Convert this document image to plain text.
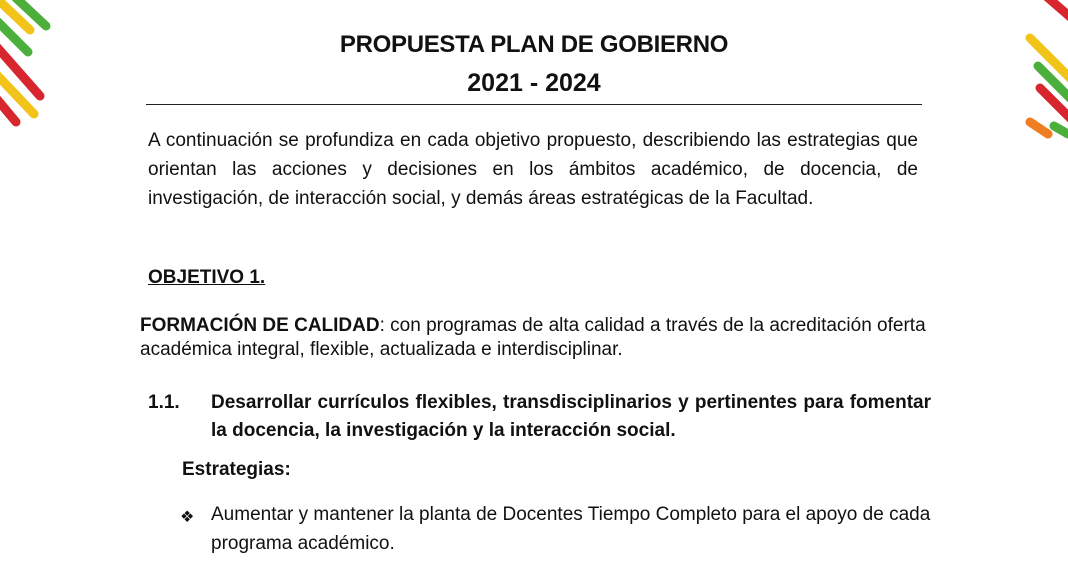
PROPUESTA PLAN DE GOBIERNO
2021 - 2024

A continuación se profundiza en cada objetivo propuesto, describiendo las estrategias que orientan las acciones y decisiones en los ámbitos académico, de docencia, de investigación, de interacción social, y demás áreas estratégicas de la Facultad.

OBJETIVO 1.

FORMACIÓN DE CALIDAD: con programas de alta calidad a través de la acreditación oferta académica integral, flexible, actualizada e interdisciplinar.

1.1. Desarrollar currículos flexibles, transdisciplinarios y pertinentes para fomentar la docencia, la investigación y la interacción social.

Estrategias:
❖ Aumentar y mantener la planta de Docentes Tiempo Completo para el apoyo de cada programa académico.
